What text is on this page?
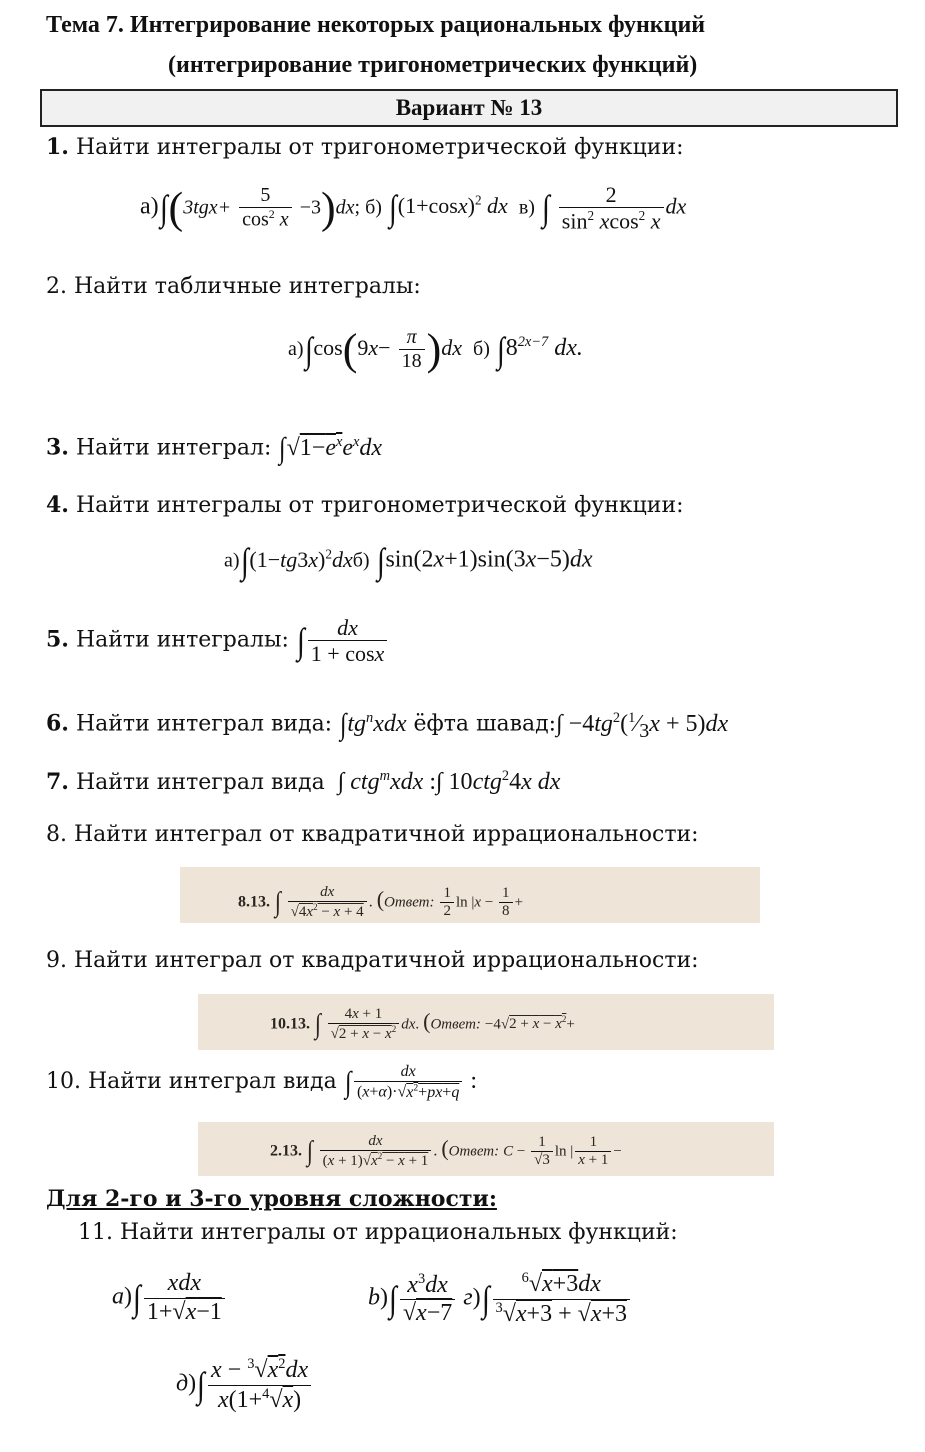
Тема 7. Интегрирование некоторых рациональных функций
(интегрирование тригонометрических функций)
Вариант № 13
1. Найти интегралы от тригонометрической функции:
$а)\int(3tgx+ \frac{5}{\cos^2 x} -3)dx$; б) $\int(1+\cos x)^2$ dx  в) ∫ $\frac{2}{\sin^2 xcos^2 x}$ dx
2. Найти табличные интегралы:
$а)\int\cos(9x- \frac{\pi}{18} )dx$  б) $\int 8^{2x-7}$ dx.
3. Найти интеграл: $\int√1-e^xe^xdx$
4. Найти интегралы от тригонометрической функции:
$а)\int(1-tg3x)^2dxб$) ∫sin(2x+1)sin(3x−5)dx
5. Найти интегралы: ∫ $\frac{dx}{1 + \cos x}$
6. Найти интеграл вида: $\int tg^nxdx$ ёфта шавад:∫ $-4tg^2(^1⁄_3x + 5)dx$
7. Найти интеграл вида  ∫ ctg$^m$xdx :∫ 10ctg$^2$4x dx
8. Найти интеграл от квадратичной иррациональности:
8.13. ∫ $\frac{dx}{√4x^2 - x + 4}$ . (Ответ: $\frac{1}{2}$ $\ln |x - \frac{1}{8}$ +
9. Найти интеграл от квадратичной иррациональности:
10.13. ∫ $\frac{4x + 1}{√2 + x - x^2}$ dx. (Ответ: $-4√2 + x - x^2+$
10. Найти интеграл вида ∫ $\frac{dx}{(x+\alpha)\cdot√x^2+px+q}$ :
2.13. ∫ $\frac{dx}{(x + 1)√x^2 - x + 1}$ . (Ответ: $C - \frac{1}{√3}$ ln | $\frac{1}{x + 1}$ −
Для 2-го и 3-го уровня сложности:
11. Найти интегралы от иррациональных функций:
$а)\int \frac{\text{xdx}}{1+√x-1}$	$b)\int \frac{x^3dx}{√x-7} г)\int \frac{^6√x+3dx}{^3√x+3 + √x+3}$
$д)\int \frac{x - ^3√x^2dx}{x(1+^4√x)}$
